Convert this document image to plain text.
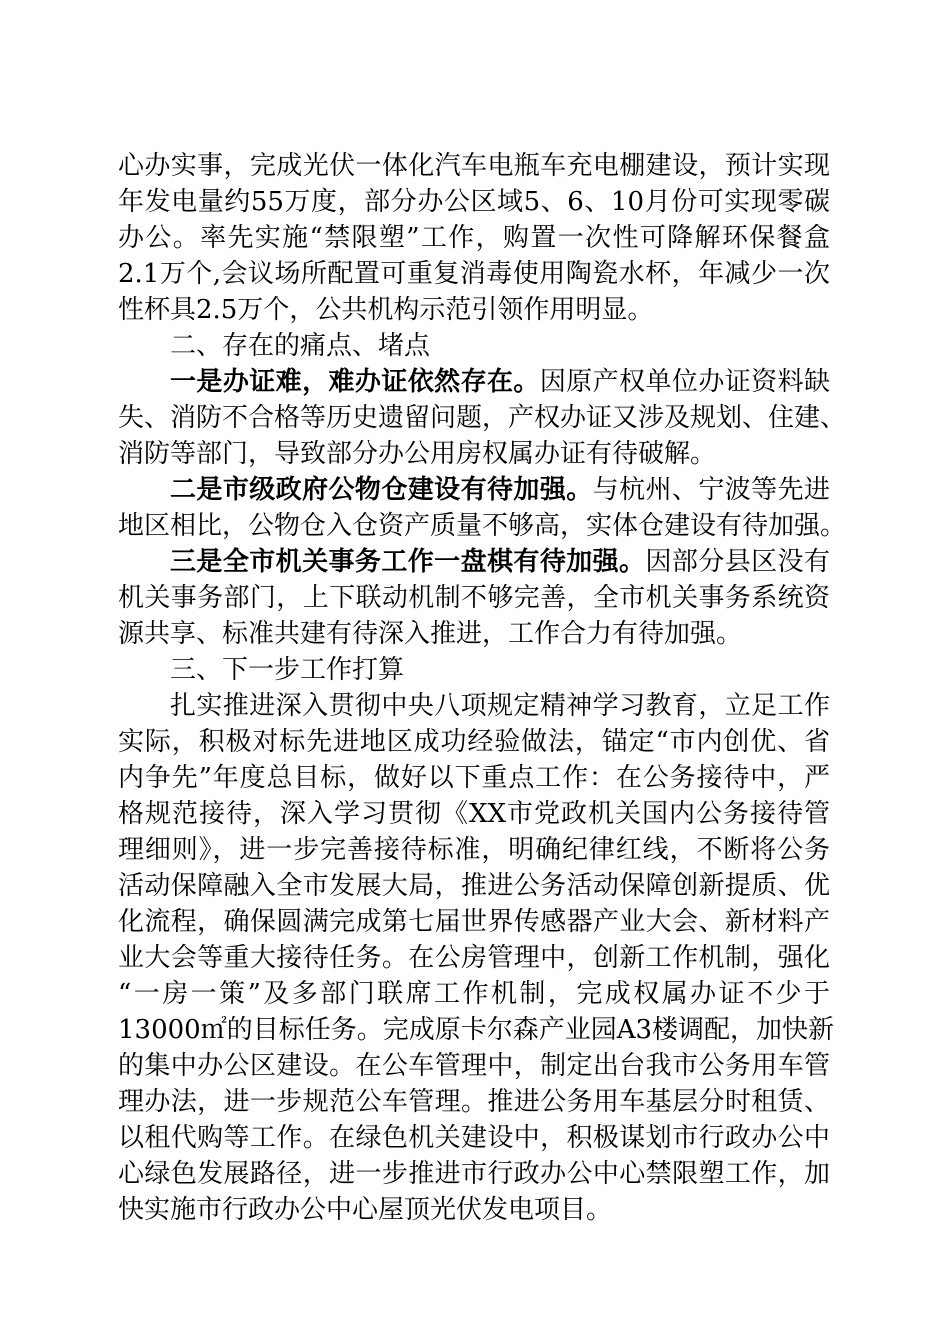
心办实事，完成光伏一体化汽车电瓶车充电棚建设，预计实现
年发电量约55万度，部分办公区域5、6、10月份可实现零碳
办公。率先实施“禁限塑”工作，购置一次性可降解环保餐盒
2.1万个,会议场所配置可重复消毒使用陶瓷水杯，年减少一次
性杯具2.5万个，公共机构示范引领作用明显。
二、存在的痛点、堵点
一是办证难，难办证依然存在。因原产权单位办证资料缺
失、消防不合格等历史遗留问题，产权办证又涉及规划、住建、
消防等部门，导致部分办公用房权属办证有待破解。
二是市级政府公物仓建设有待加强。与杭州、宁波等先进
地区相比，公物仓入仓资产质量不够高，实体仓建设有待加强。
三是全市机关事务工作一盘棋有待加强。因部分县区没有
机关事务部门，上下联动机制不够完善，全市机关事务系统资
源共享、标准共建有待深入推进，工作合力有待加强。
三、下一步工作打算
扎实推进深入贯彻中央八项规定精神学习教育，立足工作
实际，积极对标先进地区成功经验做法，锚定“市内创优、省
内争先”年度总目标，做好以下重点工作：在公务接待中，严
格规范接待，深入学习贯彻《XX市党政机关国内公务接待管
理细则》，进一步完善接待标准，明确纪律红线，不断将公务
活动保障融入全市发展大局，推进公务活动保障创新提质、优
化流程，确保圆满完成第七届世界传感器产业大会、新材料产
业大会等重大接待任务。在公房管理中，创新工作机制，强化
“一房一策”及多部门联席工作机制，完成权属办证不少于
13000㎡的目标任务。完成原卡尔森产业园A3楼调配，加快新
的集中办公区建设。在公车管理中，制定出台我市公务用车管
理办法，进一步规范公车管理。推进公务用车基层分时租赁、
以租代购等工作。在绿色机关建设中，积极谋划市行政办公中
心绿色发展路径，进一步推进市行政办公中心禁限塑工作，加
快实施市行政办公中心屋顶光伏发电项目。
